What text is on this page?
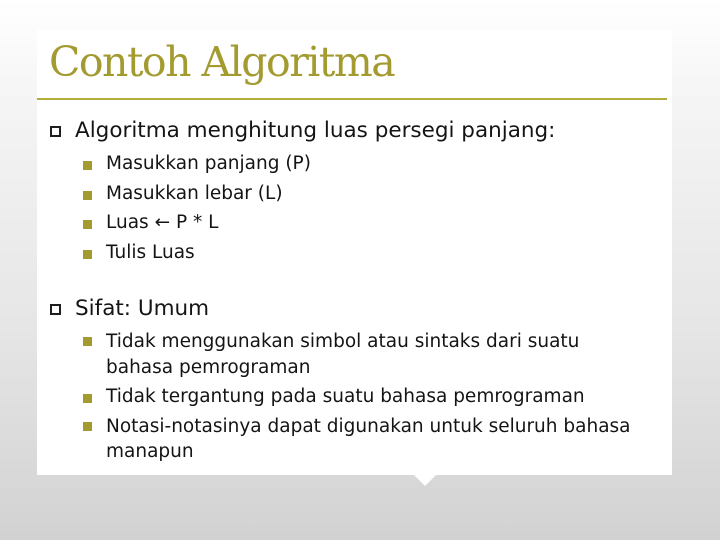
Contoh Algoritma
Algoritma menghitung luas persegi panjang:
Masukkan panjang (P)
Masukkan lebar (L)
Luas ← P * L
Tulis Luas
Sifat: Umum
Tidak menggunakan simbol atau sintaks dari suatu
bahasa pemrograman
Tidak tergantung pada suatu bahasa pemrograman
Notasi-notasinya dapat digunakan untuk seluruh bahasa
manapun
